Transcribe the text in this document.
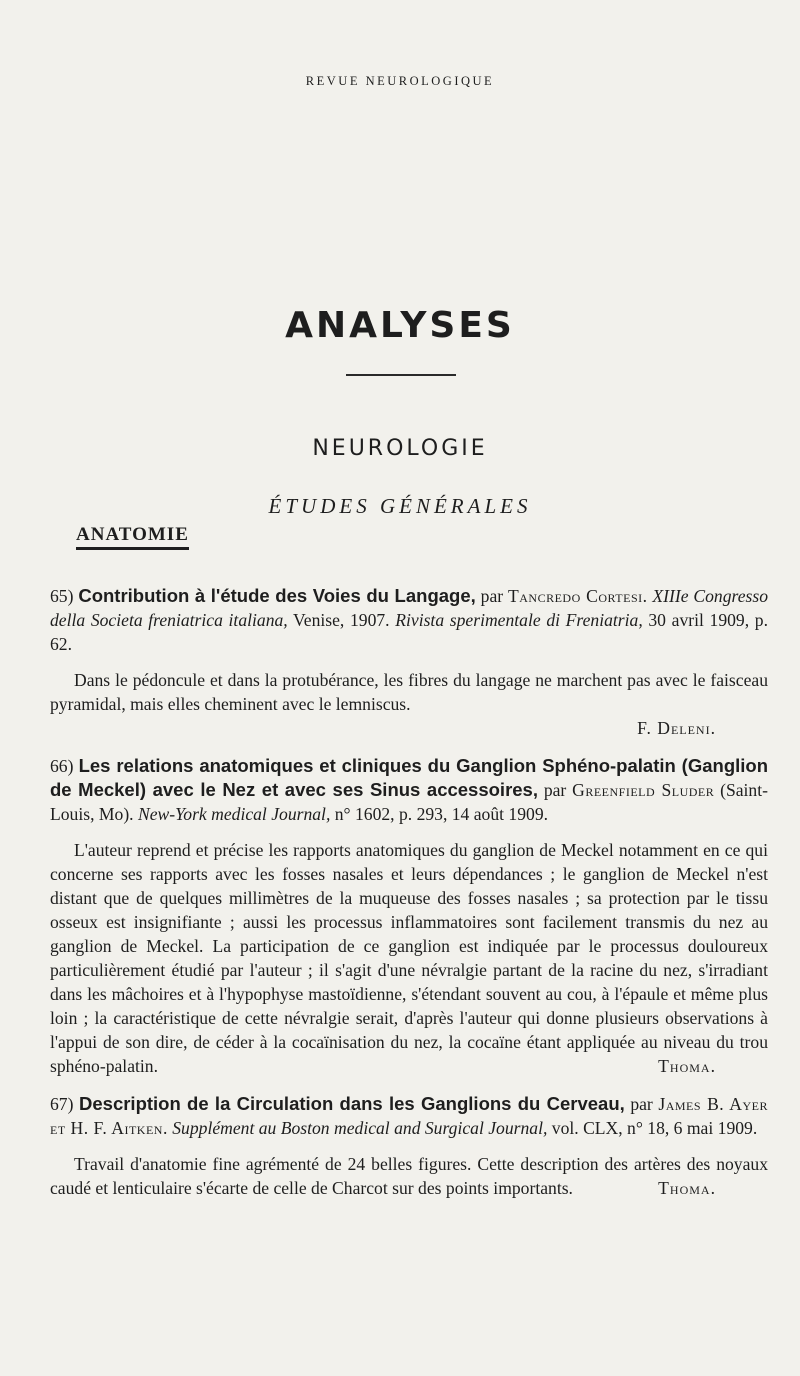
REVUE NEUROLOGIQUE
ANALYSES
NEUROLOGIE
ÉTUDES GÉNÉRALES
ANATOMIE
65) Contribution à l'étude des Voies du Langage, par Tancredo Cortesi. XIIIe Congresso della Societa freniatrica italiana, Venise, 1907. Rivista sperimentale di Freniatria, 30 avril 1909, p. 62.
Dans le pédoncule et dans la protubérance, les fibres du langage ne marchent pas avec le faisceau pyramidal, mais elles cheminent avec le lemniscus.
F. Deleni.
66) Les relations anatomiques et cliniques du Ganglion Sphéno-palatin (Ganglion de Meckel) avec le Nez et avec ses Sinus accessoires, par Greenfield Sluder (Saint-Louis, Mo). New-York medical Journal, n° 1602, p. 293, 14 août 1909.
L'auteur reprend et précise les rapports anatomiques du ganglion de Meckel notamment en ce qui concerne ses rapports avec les fosses nasales et leurs dépendances ; le ganglion de Meckel n'est distant que de quelques millimètres de la muqueuse des fosses nasales ; sa protection par le tissu osseux est insignifiante ; aussi les processus inflammatoires sont facilement transmis du nez au ganglion de Meckel. La participation de ce ganglion est indiquée par le processus douloureux particulièrement étudié par l'auteur ; il s'agit d'une névralgie partant de la racine du nez, s'irradiant dans les mâchoires et à l'hypophyse mastoïdienne, s'étendant souvent au cou, à l'épaule et même plus loin ; la caractéristique de cette névralgie serait, d'après l'auteur qui donne plusieurs observations à l'appui de son dire, de céder à la cocaïnisation du nez, la cocaïne étant appliquée au niveau du trou sphéno-palatin.	Thoma.
67) Description de la Circulation dans les Ganglions du Cerveau, par James B. Ayer et H. F. Aitken. Supplément au Boston medical and Surgical Journal, vol. CLX, n° 18, 6 mai 1909.
Travail d'anatomie fine agrémenté de 24 belles figures. Cette description des artères des noyaux caudé et lenticulaire s'écarte de celle de Charcot sur des points importants.	Thoma.
